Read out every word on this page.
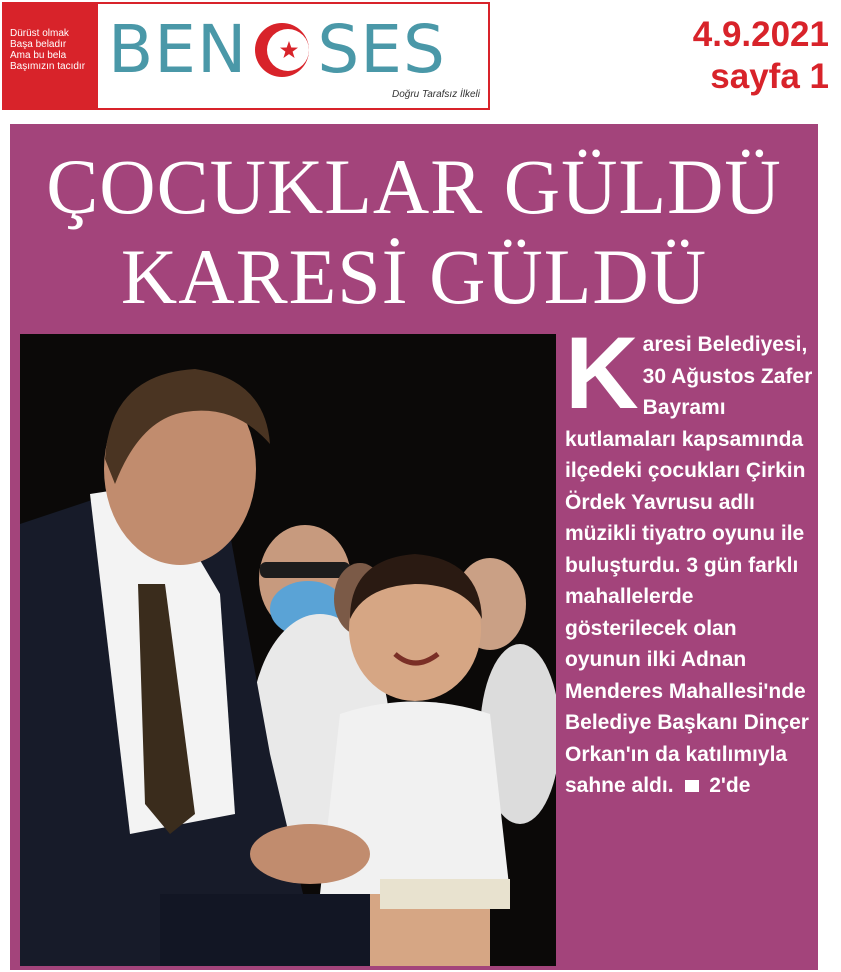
Dürüst olmak
Başa beladır
Ama bu bela
Başımızın tacıdır BEN SES
Doğru Tarafsız İlkeli
4.9.2021
sayfa 1
ÇOCUKLAR GÜLDÜ
KARESİ GÜLDÜ
K aresi Belediyesi, 30 Ağustos Zafer Bayramı kutlamaları kapsamında ilçedeki çocukları Çirkin Ördek Yavrusu adlı müzikli tiyatro oyunu ile buluşturdu. 3 gün farklı mahallelerde gösterilecek olan oyunun ilki Adnan Menderes Mahallesi'nde Belediye Başkanı Dinçer Orkan'ın da katılımıyla sahne aldı. 2'de
